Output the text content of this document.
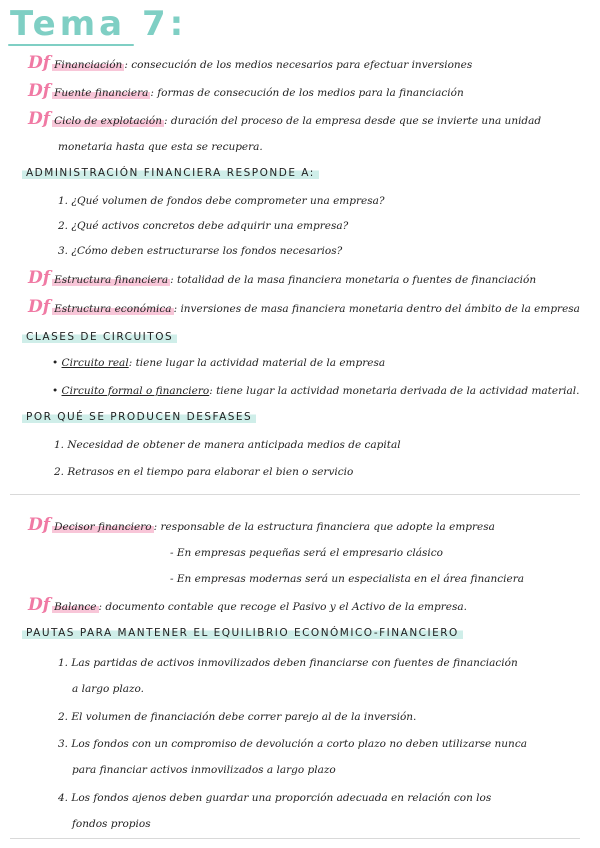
Tema 7:
Df Financiación : consecución de los medios necesarios para efectuar inversiones
Df Fuente financiera : formas de consecución de los medios para la financiación
Df Ciclo de explotación : duración del proceso de la empresa desde que se invierte una unidad
monetaria hasta que esta se recupera.
ADMINISTRACIÓN FINANCIERA RESPONDE A:
1. ¿Qué volumen de fondos debe comprometer una empresa?
2. ¿Qué activos concretos debe adquirir una empresa?
3. ¿Cómo deben estructurarse los fondos necesarios?
Df Estructura financiera : totalidad de la masa financiera monetaria o fuentes de financiación
Df Estructura económica : inversiones de masa financiera monetaria dentro del ámbito de la empresa
CLASES DE CIRCUITOS
• Circuito real: tiene lugar la actividad material de la empresa
• Circuito formal o financiero: tiene lugar la actividad monetaria derivada de la actividad material.
POR QUÉ SE PRODUCEN DESFASES
1. Necesidad de obtener de manera anticipada medios de capital
2. Retrasos en el tiempo para elaborar el bien o servicio
Df Decisor financiero : responsable de la estructura financiera que adopte la empresa
- En empresas pequeñas será el empresario clásico
- En empresas modernas será un especialista en el área financiera
Df Balance : documento contable que recoge el Pasivo y el Activo de la empresa.
PAUTAS PARA MANTENER EL EQUILIBRIO ECONÓMICO-FINANCIERO
1. Las partidas de activos inmovilizados deben financiarse con fuentes de financiación
a largo plazo.
2. El volumen de financiación debe correr parejo al de la inversión.
3. Los fondos con un compromiso de devolución a corto plazo no deben utilizarse nunca
para financiar activos inmovilizados a largo plazo
4. Los fondos ajenos deben guardar una proporción adecuada en relación con los
fondos propios
